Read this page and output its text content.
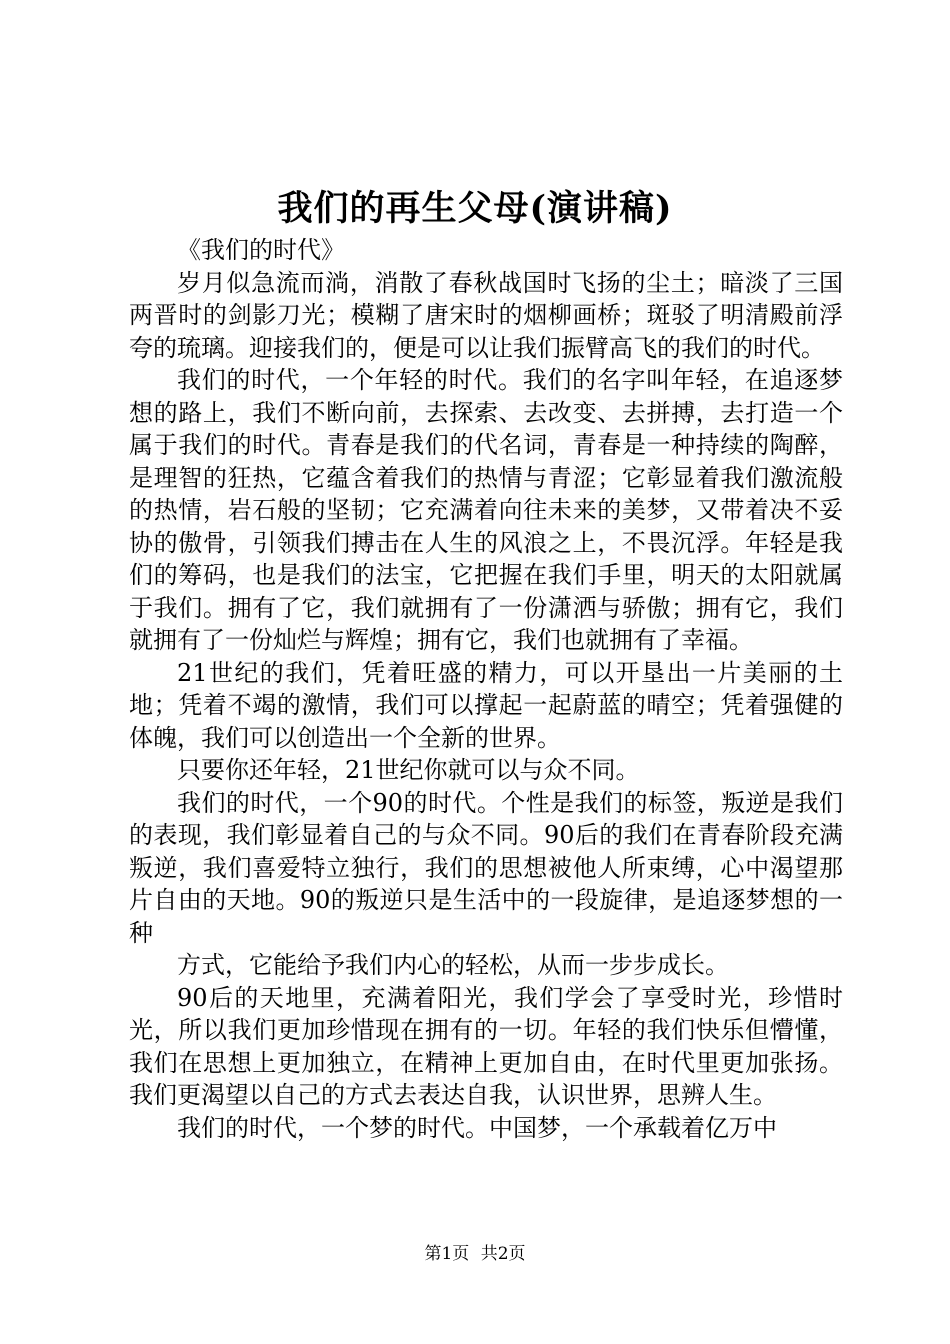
我们的再生父母(演讲稿)

《我们的时代》

岁月似急流而淌，消散了春秋战国时飞扬的尘土；暗淡了三国两晋时的剑影刀光；模糊了唐宋时的烟柳画桥；斑驳了明清殿前浮夸的琉璃。迎接我们的，便是可以让我们振臂高飞的我们的时代。

我们的时代，一个年轻的时代。我们的名字叫年轻，在追逐梦想的路上，我们不断向前，去探索、去改变、去拼搏，去打造一个属于我们的时代。青春是我们的代名词，青春是一种持续的陶醉，是理智的狂热，它蕴含着我们的热情与青涩；它彰显着我们激流般的热情，岩石般的坚韧；它充满着向往未来的美梦，又带着决不妥协的傲骨，引领我们搏击在人生的风浪之上，不畏沉浮。年轻是我们的筹码，也是我们的法宝，它把握在我们手里，明天的太阳就属于我们。拥有了它，我们就拥有了一份潇洒与骄傲；拥有它，我们就拥有了一份灿烂与辉煌；拥有它，我们也就拥有了幸福。

21世纪的我们，凭着旺盛的精力，可以开垦出一片美丽的土地；凭着不竭的激情，我们可以撑起一起蔚蓝的晴空；凭着强健的体魄，我们可以创造出一个全新的世界。

只要你还年轻，21世纪你就可以与众不同。

我们的时代，一个90的时代。个性是我们的标签，叛逆是我们的表现，我们彰显着自己的与众不同。90后的我们在青春阶段充满叛逆，我们喜爱特立独行，我们的思想被他人所束缚，心中渴望那片自由的天地。90的叛逆只是生活中的一段旋律，是追逐梦想的一种

方式，它能给予我们内心的轻松，从而一步步成长。

90后的天地里，充满着阳光，我们学会了享受时光，珍惜时光，所以我们更加珍惜现在拥有的一切。年轻的我们快乐但懵懂，我们在思想上更加独立，在精神上更加自由，在时代里更加张扬。我们更渴望以自己的方式去表达自我，认识世界，思辨人生。

我们的时代，一个梦的时代。中国梦，一个承载着亿万中

第1页 共2页
